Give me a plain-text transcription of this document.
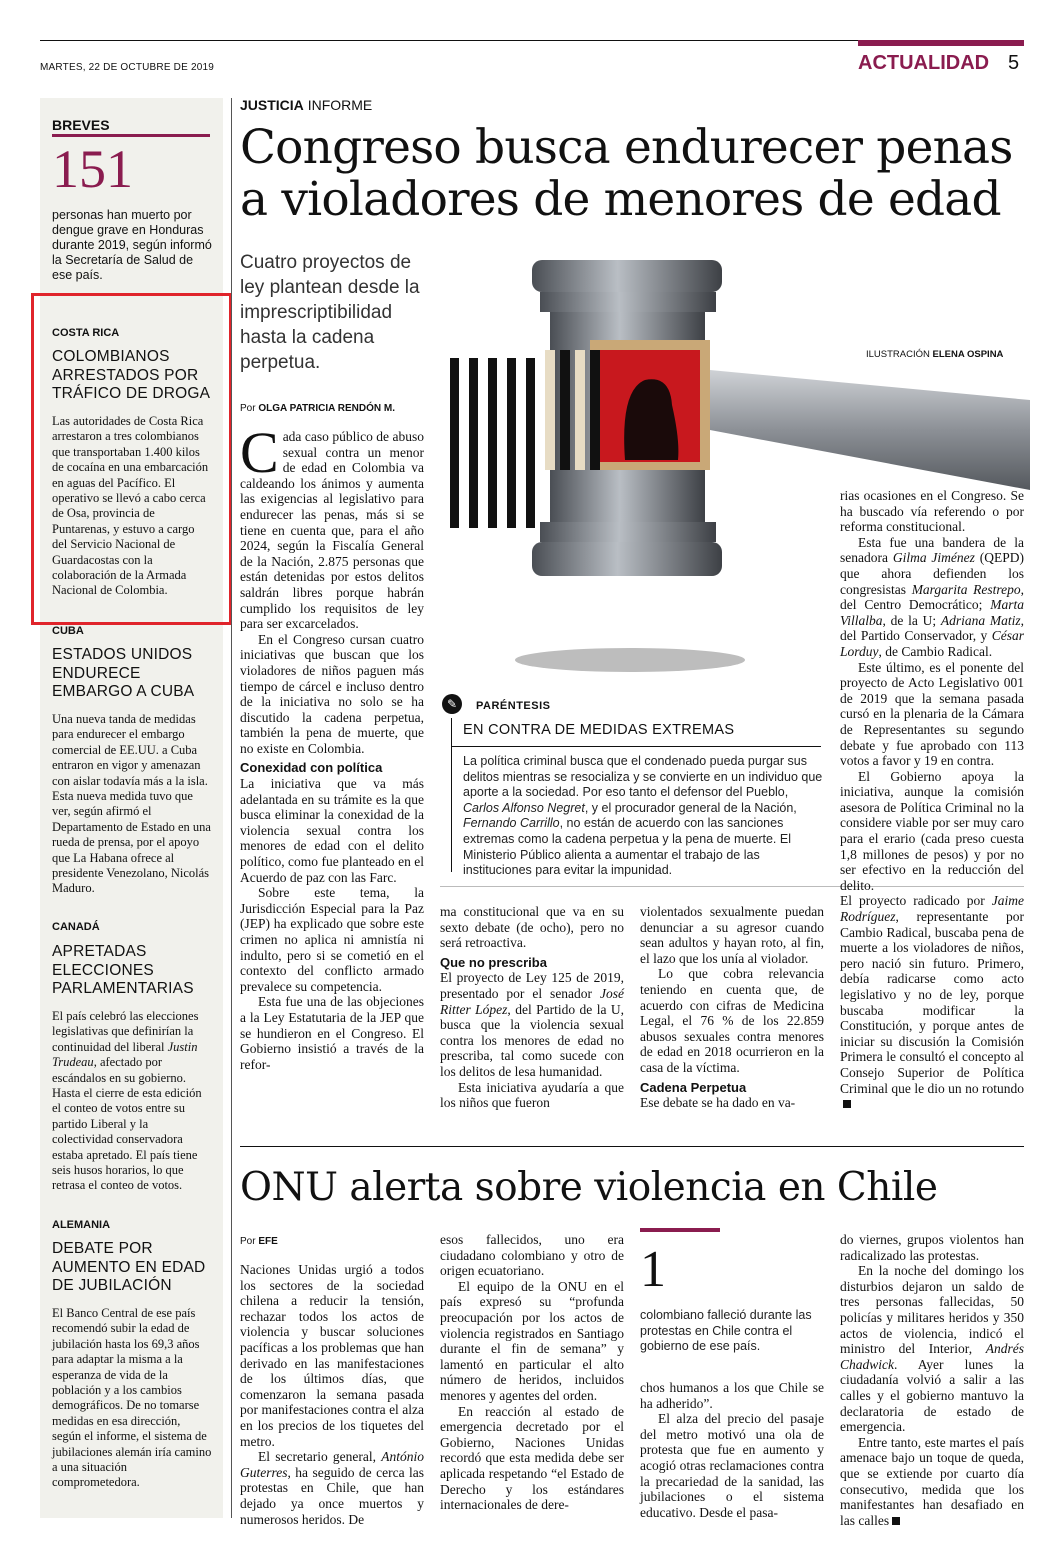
MARTES, 22 DE OCTUBRE DE 2019	ACTUALIDAD 5
BREVES
151
personas han muerto por dengue grave en Honduras durante 2019, según informó la Secretaría de Salud de ese país.
COSTA RICA
COLOMBIANOS ARRESTADOS POR TRÁFICO DE DROGA
Las autoridades de Costa Rica arrestaron a tres colombianos que transportaban 1.400 kilos de cocaína en una embarcación en aguas del Pacífico. El operativo se llevó a cabo cerca de Osa, provincia de Puntarenas, y estuvo a cargo del Servicio Nacional de Guardacostas con la colaboración de la Armada Nacional de Colombia.
CUBA
ESTADOS UNIDOS ENDURECE EMBARGO A CUBA
Una nueva tanda de medidas para endurecer el embargo comercial de EE.UU. a Cuba entraron en vigor y amenazan con aislar todavía más a la isla. Esta nueva medida tuvo que ver, según afirmó el Departamento de Estado en una rueda de prensa, por el apoyo que La Habana ofrece al presidente Venezolano, Nicolás Maduro.
CANADÁ
APRETADAS ELECCIONES PARLAMENTARIAS
El país celebró las elecciones legislativas que definirían la continuidad del liberal Justin Trudeau, afectado por escándalos en su gobierno. Hasta el cierre de esta edición el conteo de votos entre su partido Liberal y la colectividad conservadora estaba apretado. El país tiene seis husos horarios, lo que retrasa el conteo de votos.
ALEMANIA
DEBATE POR AUMENTO EN EDAD DE JUBILACIÓN
El Banco Central de ese país recomendó subir la edad de jubilación hasta los 69,3 años para adaptar la misma a la esperanza de vida de la población y a los cambios demográficos. De no tomarse medidas en esa dirección, según el informe, el sistema de jubilaciones alemán iría camino a una situación comprometedora.
JUSTICIA INFORME
Congreso busca endurecer penas a violadores de menores de edad
Cuatro proyectos de ley plantean desde la imprescriptibilidad hasta la cadena perpetua.
Por OLGA PATRICIA RENDÓN M.
ILUSTRACIÓN ELENA OSPINA

Cada caso público de abuso sexual contra un menor de edad en Colombia va caldeando los ánimos y aumenta las exigencias al legislativo para endurecer las penas, más si se tiene en cuenta que, para el año 2024, según la Fiscalía General de la Nación, 2.875 personas que están detenidas por estos delitos saldrán libres porque habrán cumplido los requisitos de ley para ser excarcelados.

En el Congreso cursan cuatro iniciativas que buscan que los violadores de niños paguen más tiempo de cárcel e incluso dentro de la iniciativa no solo se ha discutido la cadena perpetua, también la pena de muerte, que no existe en Colombia.

Conexidad con política

La iniciativa que va más adelantada en su trámite es la que busca eliminar la conexidad de la violencia sexual contra los menores de edad con el delito político, como fue planteado en el Acuerdo de paz con las Farc.

Sobre este tema, la Jurisdicción Especial para la Paz (JEP) ha explicado que sobre este crimen no aplica ni amnistía ni indulto, pero si se cometió en el contexto del conflicto armado prevalece su competencia.

Esta fue una de las objeciones a la Ley Estatutaria de la JEP que se hundieron en el Congreso. El Gobierno insistió a través de la refor-

✎	PARÉNTESIS
EN CONTRA DE MEDIDAS EXTREMAS
La política criminal busca que el condenado pueda purgar sus delitos mientras se resocializa y se convierte en un individuo que aporte a la sociedad. Por eso tanto el defensor del Pueblo, Carlos Alfonso Negret, y el procurador general de la Nación, Fernando Carrillo, no están de acuerdo con las sanciones extremas como la cadena perpetua y la pena de muerte. El Ministerio Público alienta a aumentar el trabajo de las instituciones para evitar la impunidad.

ma constitucional que va en su sexto debate (de ocho), pero no será retroactiva.

Que no prescriba

El proyecto de Ley 125 de 2019, presentado por el senador José Ritter López, del Partido de la U, busca que la violencia sexual contra los menores de edad no prescriba, tal como sucede con los delitos de lesa humanidad.

Esta iniciativa ayudaría a que los niños que fueron

violentados sexualmente puedan denunciar a su agresor cuando sean adultos y hayan roto, al fin, el lazo que los unía al violador.

Lo que cobra relevancia teniendo en cuenta que, de acuerdo con cifras de Medicina Legal, el 76 % de los 22.859 abusos sexuales contra menores de edad en 2018 ocurrieron en la casa de la víctima.

Cadena Perpetua

Ese debate se ha dado en va-

rias ocasiones en el Congreso. Se ha buscado vía referendo o por reforma constitucional.

Esta fue una bandera de la senadora Gilma Jiménez (QEPD) que ahora defienden los congresistas Margarita Restrepo, del Centro Democrático; Marta Villalba, de la U; Adriana Matiz, del Partido Conservador, y César Lorduy, de Cambio Radical.

Este último, es el ponente del proyecto de Acto Legislativo 001 de 2019 que la semana pasada cursó en la plenaria de la Cámara de Representantes su segundo debate y fue aprobado con 113 votos a favor y 19 en contra.

El Gobierno apoya la iniciativa, aunque la comisión asesora de Política Criminal no la considere viable por ser muy caro para el erario (cada preso cuesta 1,8 millones de pesos) y por no ser efectivo en la reducción del delito.

El proyecto radicado por Jaime Rodríguez, representante por Cambio Radical, buscaba pena de muerte a los violadores de niños, pero nació sin futuro. Primero, debía radicarse como acto legislativo y no de ley, porque buscaba modificar la Constitución, y porque antes de iniciar su discusión la Comisión Primera le consultó el concepto al Consejo Superior de Política Criminal que le dio un no rotundo

ONU alerta sobre violencia en Chile
Por EFE

Naciones Unidas urgió a todos los sectores de la sociedad chilena a reducir la tensión, rechazar todos los actos de violencia y buscar soluciones pacíficas a los problemas que han derivado en las manifestaciones de los últimos días, que comenzaron la semana pasada por manifestaciones contra el alza en los precios de los tiquetes del metro.

El secretario general, António Guterres, ha seguido de cerca las protestas en Chile, que han dejado ya once muertos y numerosos heridos. De

esos fallecidos, uno era ciudadano colombiano y otro de origen ecuatoriano.

El equipo de la ONU en el país expresó su “profunda preocupación por los actos de violencia registrados en Santiago durante el fin de semana” y lamentó en particular el alto número de heridos, incluidos menores y agentes del orden.

En reacción al estado de emergencia decretado por el Gobierno, Naciones Unidas recordó que esta medida debe ser aplicada respetando “el Estado de Derecho y los estándares internacionales de dere-

1
colombiano falleció durante las protestas en Chile contra el gobierno de ese país.

chos humanos a los que Chile se ha adherido”.

El alza del precio del pasaje del metro motivó una ola de protesta que fue en aumento y acogió otras reclamaciones contra la precariedad de la sanidad, las jubilaciones o el sistema educativo. Desde el pasa-

do viernes, grupos violentos han radicalizado las protestas.

En la noche del domingo los disturbios dejaron un saldo de tres personas fallecidas, 50 policías y militares heridos y 350 actos de violencia, indicó el ministro del Interior, Andrés Chadwick. Ayer lunes la ciudadanía volvió a salir a las calles y el gobierno mantuvo la declaratoria de estado de emergencia.

Entre tanto, este martes el país amenace bajo un toque de queda, que se extiende por cuarto día consecutivo, medida que los manifestantes han desafiado en las calles
